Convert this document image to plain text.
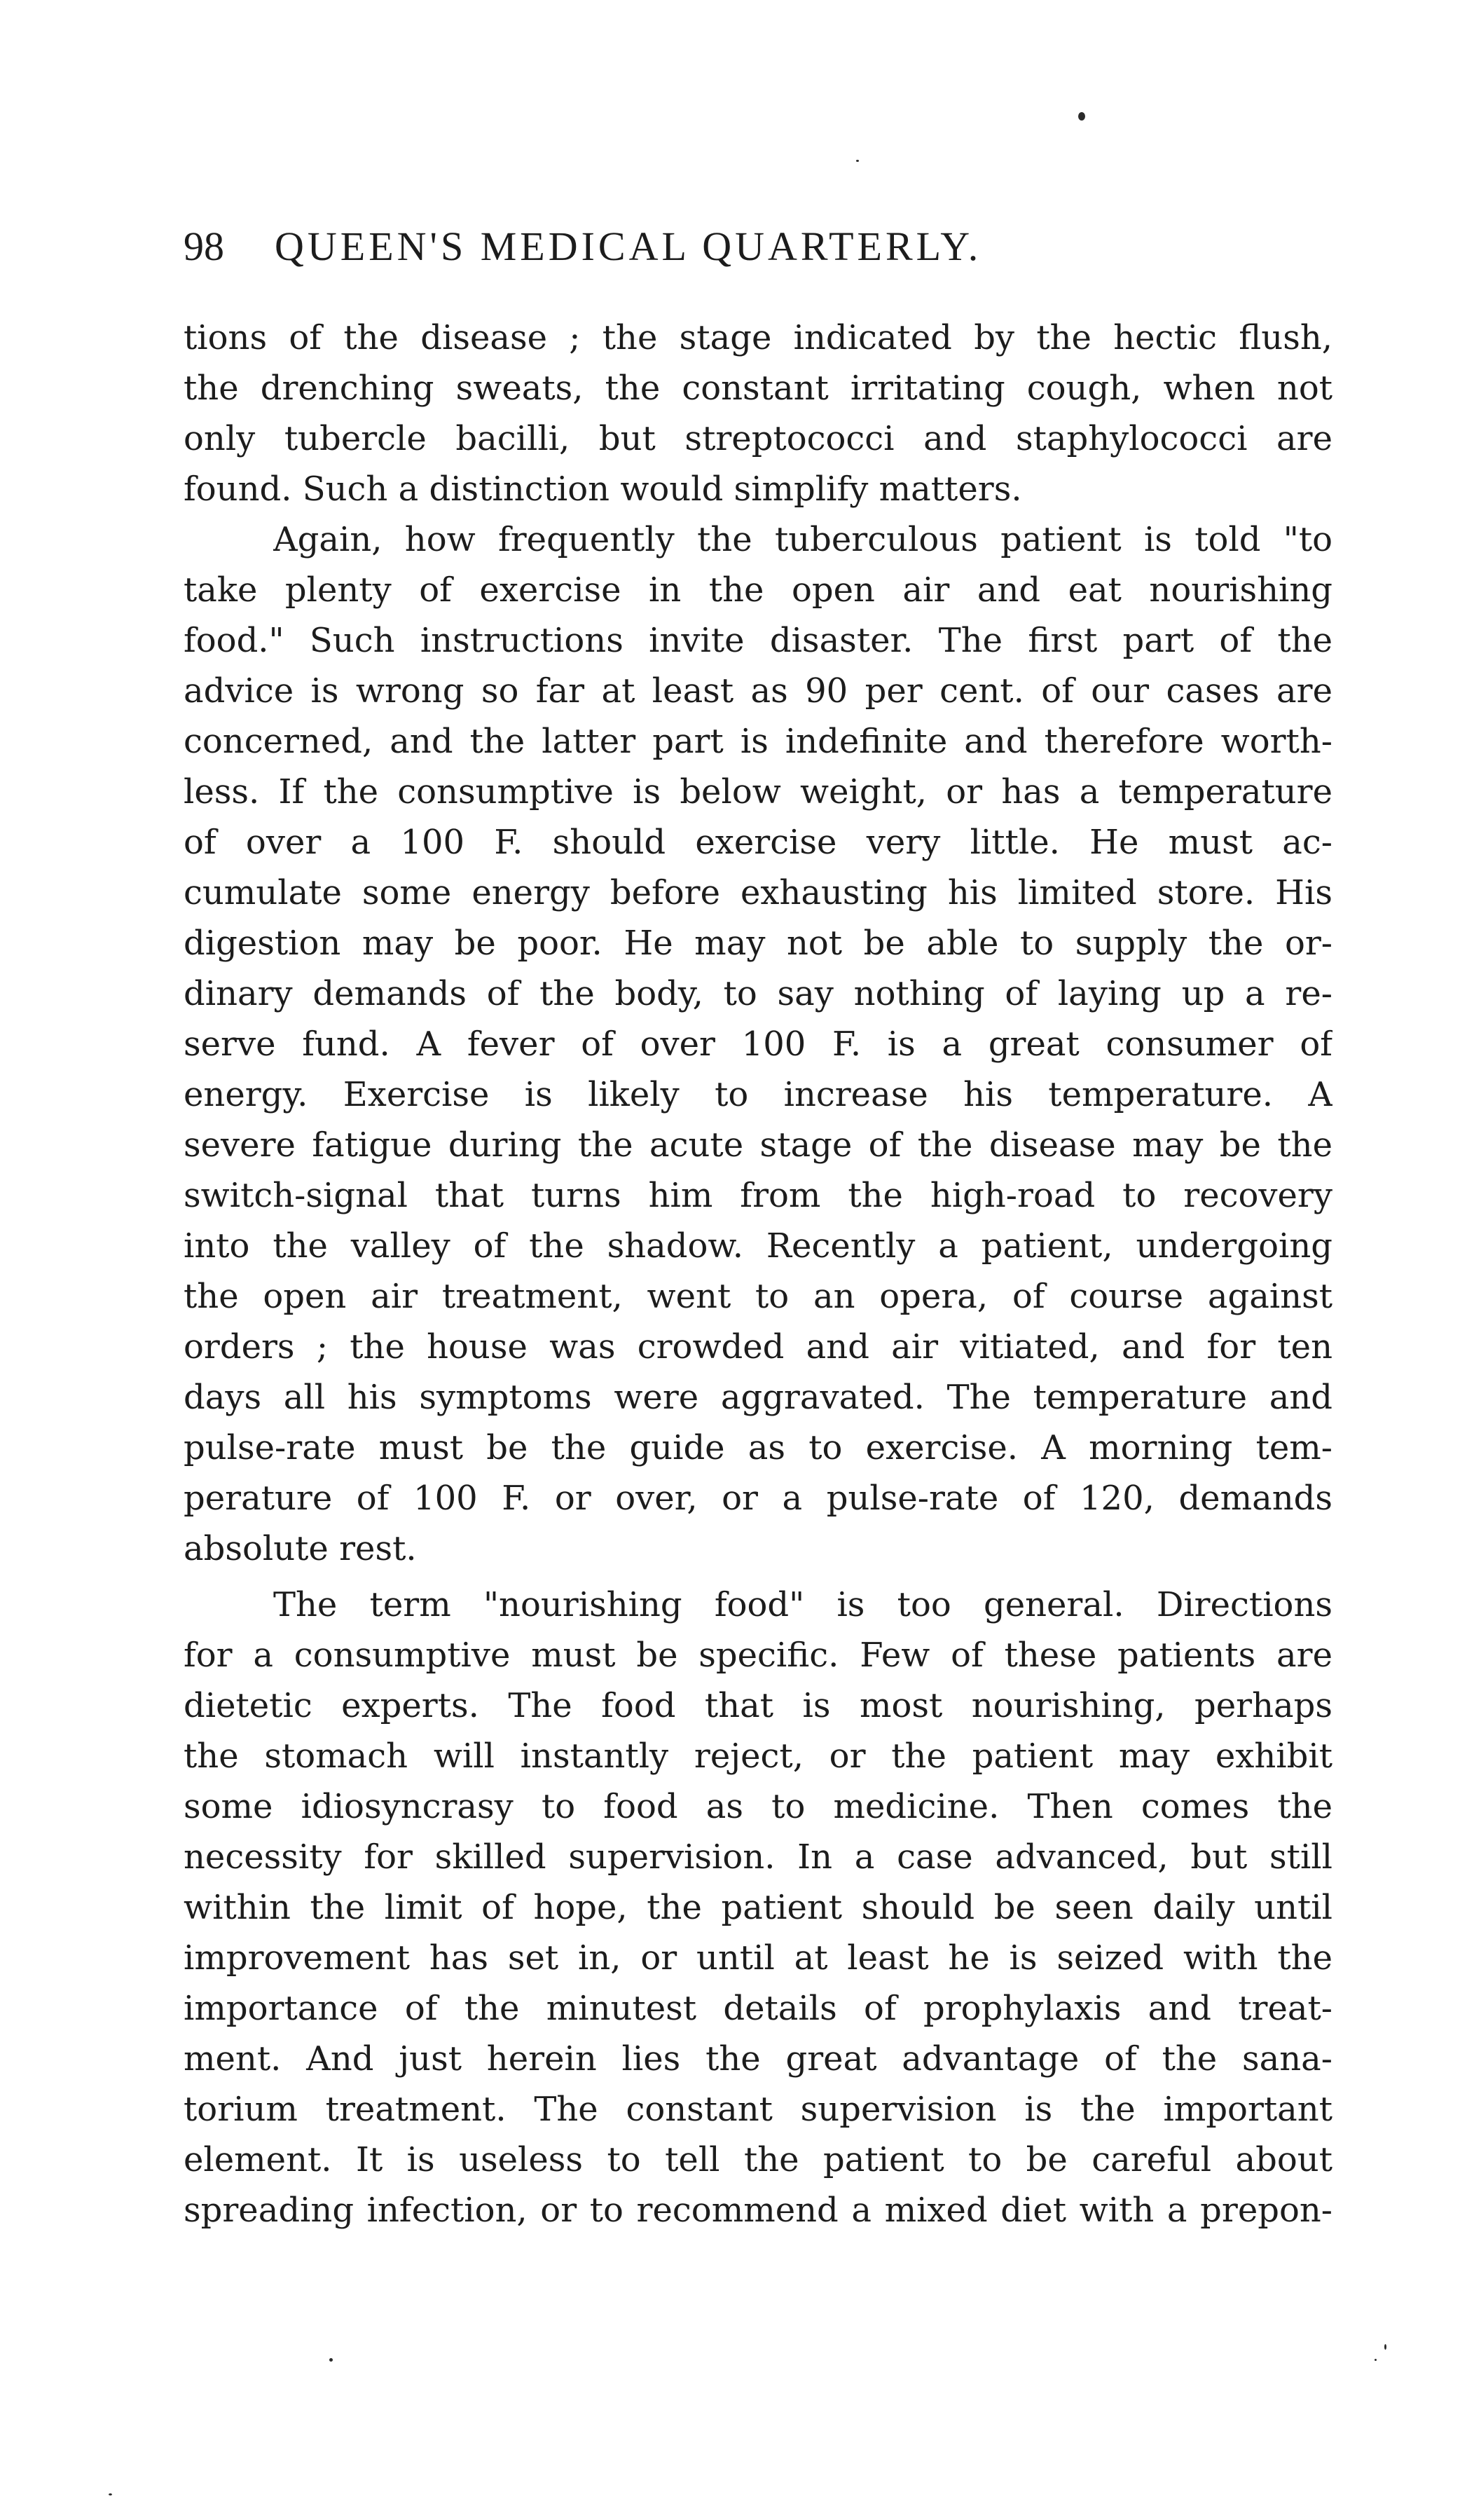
98	QUEEN'S MEDICAL QUARTERLY.
tions of the disease ; the stage indicated by the hectic flush,
the drenching sweats, the constant irritating cough, when not
only tubercle bacilli, but streptococci and staphylococci are
found. Such a distinction would simplify matters.
Again, how frequently the tuberculous patient is told "to
take plenty of exercise in the open air and eat nourishing
food." Such instructions invite disaster. The first part of the
advice is wrong so far at least as 90 per cent. of our cases are
concerned, and the latter part is indefinite and therefore worth-
less. If the consumptive is below weight, or has a temperature
of over a 100 F. should exercise very little. He must ac-
cumulate some energy before exhausting his limited store. His
digestion may be poor. He may not be able to supply the or-
dinary demands of the body, to say nothing of laying up a re-
serve fund. A fever of over 100 F. is a great consumer of
energy. Exercise is likely to increase his temperature. A
severe fatigue during the acute stage of the disease may be the
switch-signal that turns him from the high-road to recovery
into the valley of the shadow. Recently a patient, undergoing
the open air treatment, went to an opera, of course against
orders ; the house was crowded and air vitiated, and for ten
days all his symptoms were aggravated. The temperature and
pulse-rate must be the guide as to exercise. A morning tem-
perature of 100 F. or over, or a pulse-rate of 120, demands
absolute rest.
The term "nourishing food" is too general. Directions
for a consumptive must be specific. Few of these patients are
dietetic experts. The food that is most nourishing, perhaps
the stomach will instantly reject, or the patient may exhibit
some idiosyncrasy to food as to medicine. Then comes the
necessity for skilled supervision. In a case advanced, but still
within the limit of hope, the patient should be seen daily until
improvement has set in, or until at least he is seized with the
importance of the minutest details of prophylaxis and treat-
ment. And just herein lies the great advantage of the sana-
torium treatment. The constant supervision is the important
element. It is useless to tell the patient to be careful about
spreading infection, or to recommend a mixed diet with a prepon-
